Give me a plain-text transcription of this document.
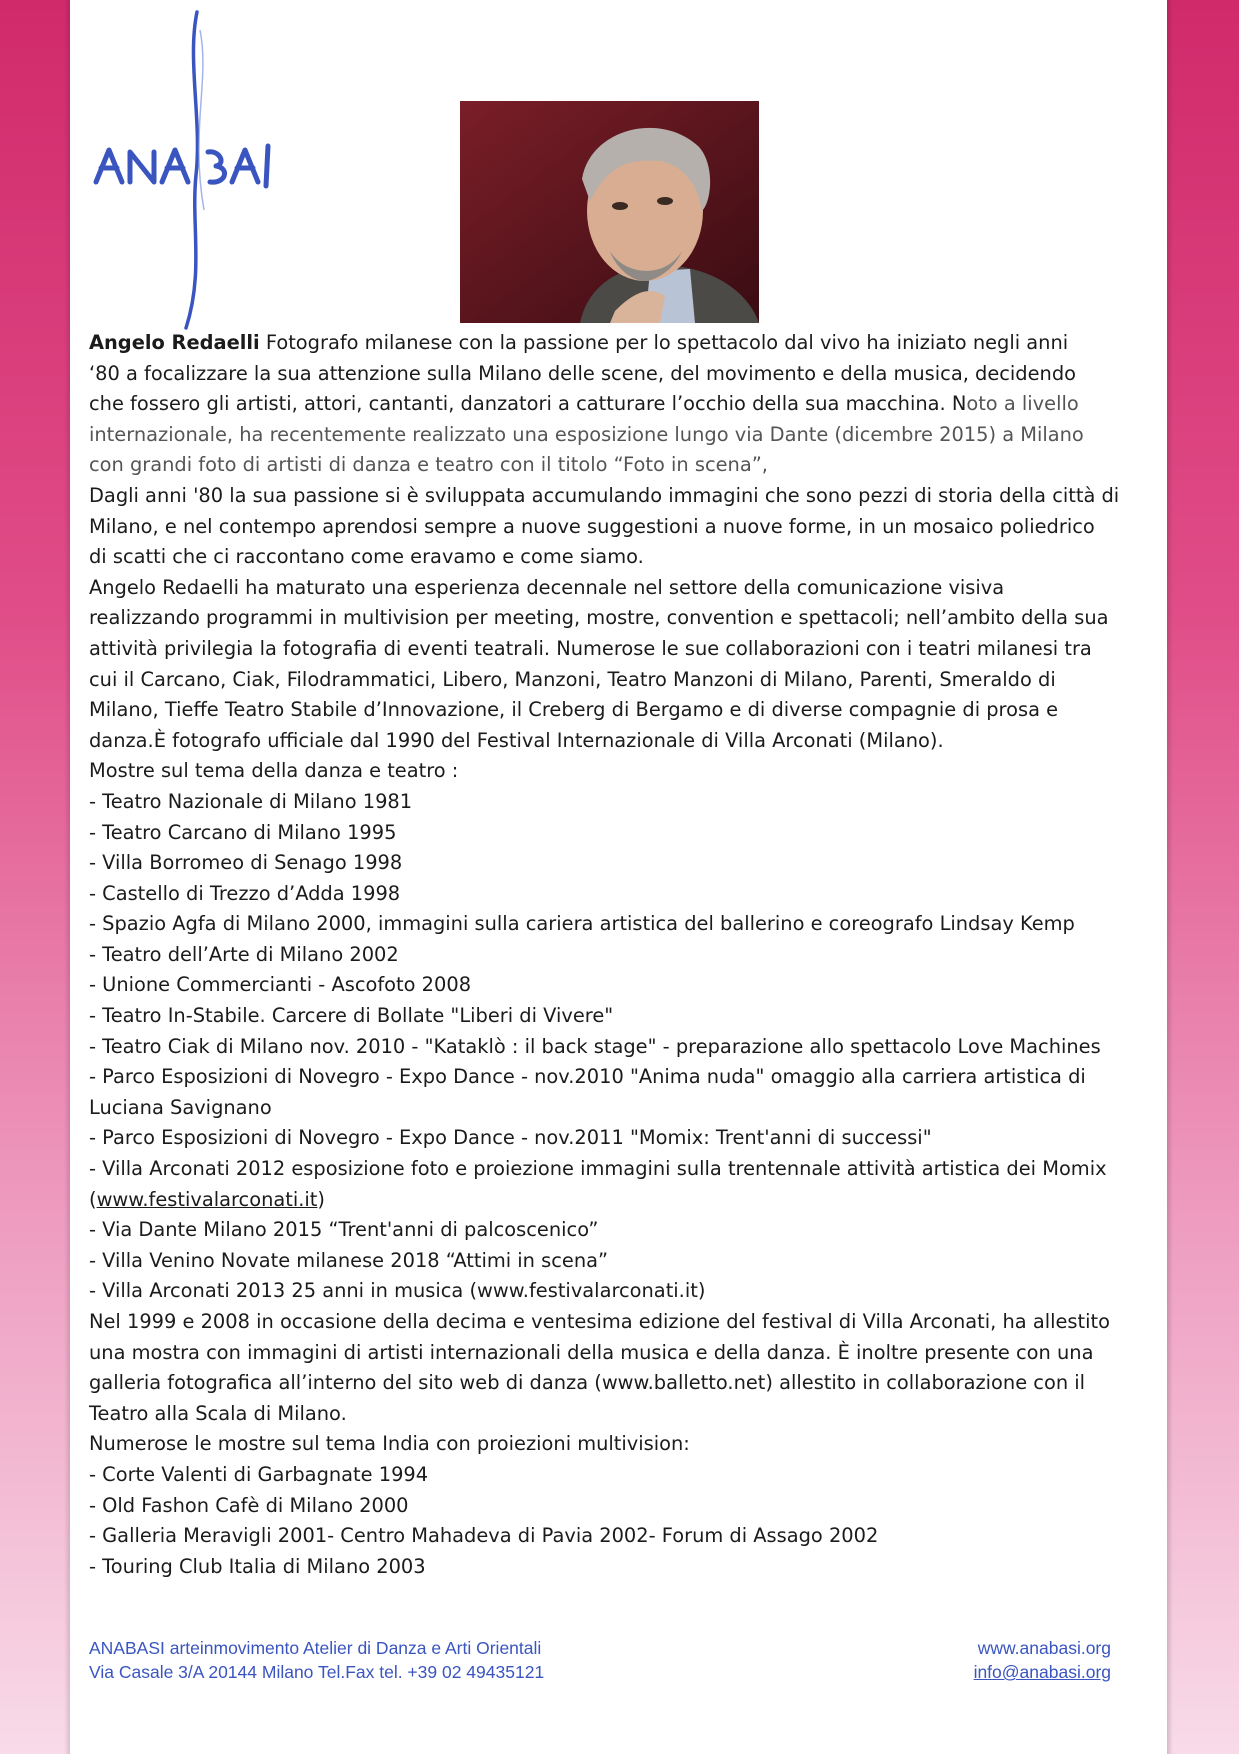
Angelo Redaelli Fotografo milanese con la passione per lo spettacolo dal vivo ha iniziato negli anni

‘80 a focalizzare la sua attenzione sulla Milano delle scene, del movimento e della musica, decidendo

che fossero gli artisti, attori, cantanti, danzatori a catturare l’occhio della sua macchina. Noto a livello

internazionale, ha recentemente realizzato una esposizione lungo via Dante (dicembre 2015) a Milano

con grandi foto di artisti di danza e teatro con il titolo “Foto in scena”,

Dagli anni '80 la sua passione si è sviluppata accumulando immagini che sono pezzi di storia della città di

Milano, e nel contempo aprendosi sempre a nuove suggestioni a nuove forme, in un mosaico poliedrico

di scatti che ci raccontano come eravamo e come siamo.

Angelo Redaelli ha maturato una esperienza decennale nel settore della comunicazione visiva

realizzando programmi in multivision per meeting, mostre, convention e spettacoli; nell’ambito della sua

attività privilegia la fotografia di eventi teatrali. Numerose le sue collaborazioni con i teatri milanesi tra

cui il Carcano, Ciak, Filodrammatici, Libero, Manzoni, Teatro Manzoni di Milano, Parenti, Smeraldo di

Milano, Tieffe Teatro Stabile d’Innovazione, il Creberg di Bergamo e di diverse compagnie di prosa e

danza.È fotografo ufficiale dal 1990 del Festival Internazionale di Villa Arconati (Milano).

Mostre sul tema della danza e teatro :

- Teatro Nazionale di Milano 1981

- Teatro Carcano di Milano 1995

- Villa Borromeo di Senago 1998

- Castello di Trezzo d’Adda 1998

- Spazio Agfa di Milano 2000, immagini sulla cariera artistica del ballerino e coreografo Lindsay Kemp

- Teatro dell’Arte di Milano 2002

- Unione Commercianti - Ascofoto 2008

- Teatro In-Stabile. Carcere di Bollate "Liberi di Vivere"

- Teatro Ciak di Milano nov. 2010 - "Kataklò : il back stage" - preparazione allo spettacolo Love Machines

- Parco Esposizioni di Novegro - Expo Dance - nov.2010 "Anima nuda" omaggio alla carriera artistica di

Luciana Savignano

- Parco Esposizioni di Novegro - Expo Dance - nov.2011 "Momix: Trent'anni di successi"

- Villa Arconati 2012 esposizione foto e proiezione immagini sulla trentennale attività artistica dei Momix

(www.festivalarconati.it)

- Via Dante Milano 2015 “Trent'anni di palcoscenico”

- Villa Venino Novate milanese 2018 “Attimi in scena”

- Villa Arconati 2013 25 anni in musica (www.festivalarconati.it)

Nel 1999 e 2008 in occasione della decima e ventesima edizione del festival di Villa Arconati, ha allestito

una mostra con immagini di artisti internazionali della musica e della danza. È inoltre presente con una

galleria fotografica all’interno del sito web di danza (www.balletto.net) allestito in collaborazione con il

Teatro alla Scala di Milano.

Numerose le mostre sul tema India con proiezioni multivision:

- Corte Valenti di Garbagnate 1994

- Old Fashon Cafè di Milano 2000

- Galleria Meravigli 2001- Centro Mahadeva di Pavia 2002- Forum di Assago 2002

- Touring Club Italia di Milano 2003

ANABASI arteinmovimento Atelier di Danza e Arti Orientali	www.anabasi.org
Via Casale 3/A 20144 Milano Tel.Fax tel. +39 02 49435121	info@anabasi.org
